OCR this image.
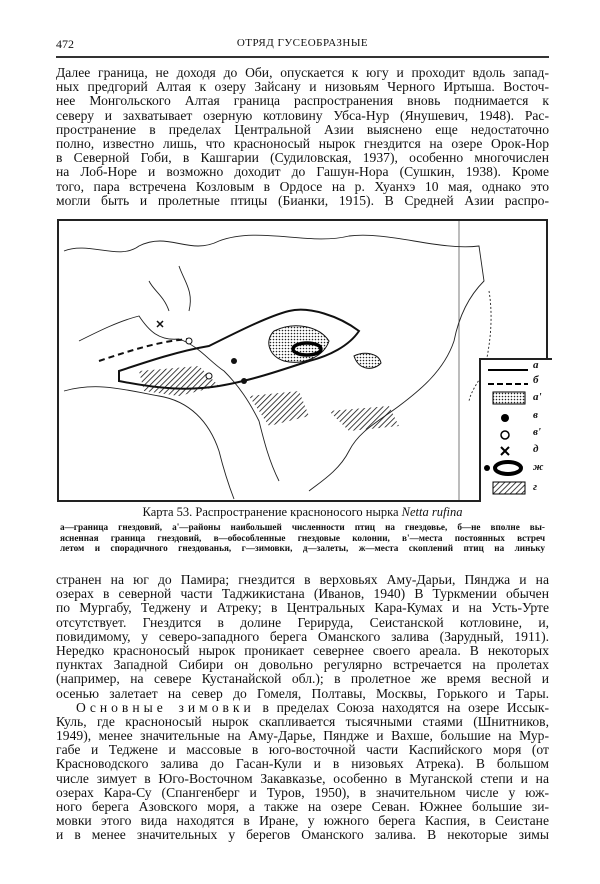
472	ОТРЯД ГУСЕОБРАЗНЫЕ
Далее граница, не доходя до Оби, опускается к югу и проходит вдоль запад-
ных предгорий Алтая к озеру Зайсану и низовьям Черного Иртыша. Восточ-
нее Монгольского Алтая граница распространения вновь поднимается к
северу и захватывает озерную котловину Убса-Нур (Янушевич, 1948). Рас-
пространение в пределах Центральной Азии выяснено еще недостаточно
полно, известно лишь, что красноносый нырок гнездится на озере Орок-Нор
в Северной Гоби, в Кашгарии (Судиловская, 1937), особенно многочислен
на Лоб-Норе и возможно доходит до Гашун-Нора (Сушкин, 1938). Кроме
того, пара встречена Козловым в Ордосе на р. Хуанхэ 10 мая, однако это
могли быть и пролетные птицы (Бианки, 1915). В Средней Азии распро-
а
б
а'
в
в'
д
ж
г
Карта 53. Распространение красноносого нырка Netta rufina
а—граница гнездовий, а'—районы наибольшей численности птиц на гнездовье, б—не вполне вы-
ясненная граница гнездовий, в—обособленные гнездовые колонии, в'—места постоянных встреч
летом и спорадичного гнездованья, г—зимовки, д—залеты, ж—места скоплений птиц на линьку
странен на юг до Памира; гнездится в верховьях Аму-Дарьи, Пянджа и на
озерах в северной части Таджикистана (Иванов, 1940) В Туркмении обычен
по Мургабу, Теджену и Атреку; в Центральных Кара-Кумах и на Усть-Урте
отсутствует. Гнездится в долине Герируда, Сеистанской котловине, и,
повидимому, у северо-западного берега Оманского залива (Зарудный, 1911).
Нередко красноносый нырок проникает севернее своего ареала. В некоторых
пунктах Западной Сибири он довольно регулярно встречается на пролетах
(например, на севере Кустанайской обл.); в пролетное же время весной и
осенью залетает на север до Гомеля, Полтавы, Москвы, Горького и Тары.
Основные зимовки в пределах Союза находятся на озере Иссык-
Куль, где красноносый нырок скапливается тысячными стаями (Шнитников,
1949), менее значительные на Аму-Дарье, Пяндже и Вахше, большие на Мур-
габе и Теджене и массовые в юго-восточной части Каспийского моря (от
Красноводского залива до Гасан-Кули и в низовьях Атрека). В большом
числе зимует в Юго-Восточном Закавказье, особенно в Муганской степи и на
озерах Кара-Су (Спангенберг и Туров, 1950), в значительном числе у юж-
ного берега Азовского моря, а также на озере Севан. Южнее большие зи-
мовки этого вида находятся в Иране, у южного берега Каспия, в Сеистане
и в менее значительных у берегов Оманского залива. В некоторые зимы
